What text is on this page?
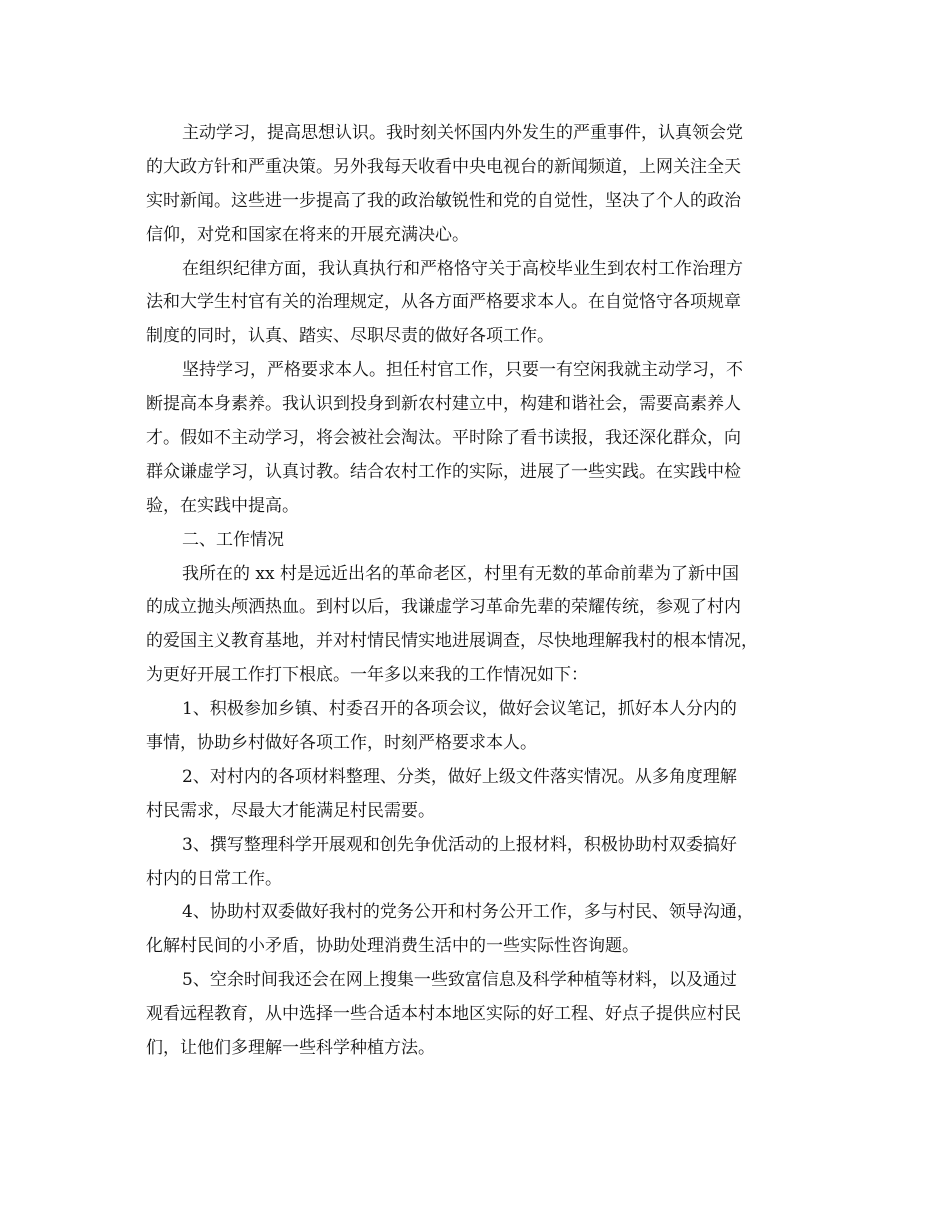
主动学习，提高思想认识。我时刻关怀国内外发生的严重事件，认真领会党
的大政方针和严重决策。另外我每天收看中央电视台的新闻频道，上网关注全天
实时新闻。这些进一步提高了我的政治敏锐性和党的自觉性，坚决了个人的政治
信仰，对党和国家在将来的开展充满决心。
在组织纪律方面，我认真执行和严格恪守关于高校毕业生到农村工作治理方
法和大学生村官有关的治理规定，从各方面严格要求本人。在自觉恪守各项规章
制度的同时，认真、踏实、尽职尽责的做好各项工作。
坚持学习，严格要求本人。担任村官工作，只要一有空闲我就主动学习，不
断提高本身素养。我认识到投身到新农村建立中，构建和谐社会，需要高素养人
才。假如不主动学习，将会被社会淘汰。平时除了看书读报，我还深化群众，向
群众谦虚学习，认真讨教。结合农村工作的实际，进展了一些实践。在实践中检
验，在实践中提高。
二、工作情况
我所在的 xx 村是远近出名的革命老区，村里有无数的革命前辈为了新中国
的成立抛头颅洒热血。到村以后，我谦虚学习革命先辈的荣耀传统，参观了村内
的爱国主义教育基地，并对村情民情实地进展调查，尽快地理解我村的根本情况，
为更好开展工作打下根底。一年多以来我的工作情况如下：
1、积极参加乡镇、村委召开的各项会议，做好会议笔记，抓好本人分内的
事情，协助乡村做好各项工作，时刻严格要求本人。
2、对村内的各项材料整理、分类，做好上级文件落实情况。从多角度理解
村民需求，尽最大才能满足村民需要。
3、撰写整理科学开展观和创先争优活动的上报材料，积极协助村双委搞好
村内的日常工作。
4、协助村双委做好我村的党务公开和村务公开工作，多与村民、领导沟通，
化解村民间的小矛盾，协助处理消费生活中的一些实际性咨询题。
5、空余时间我还会在网上搜集一些致富信息及科学种植等材料，以及通过
观看远程教育，从中选择一些合适本村本地区实际的好工程、好点子提供应村民
们，让他们多理解一些科学种植方法。
